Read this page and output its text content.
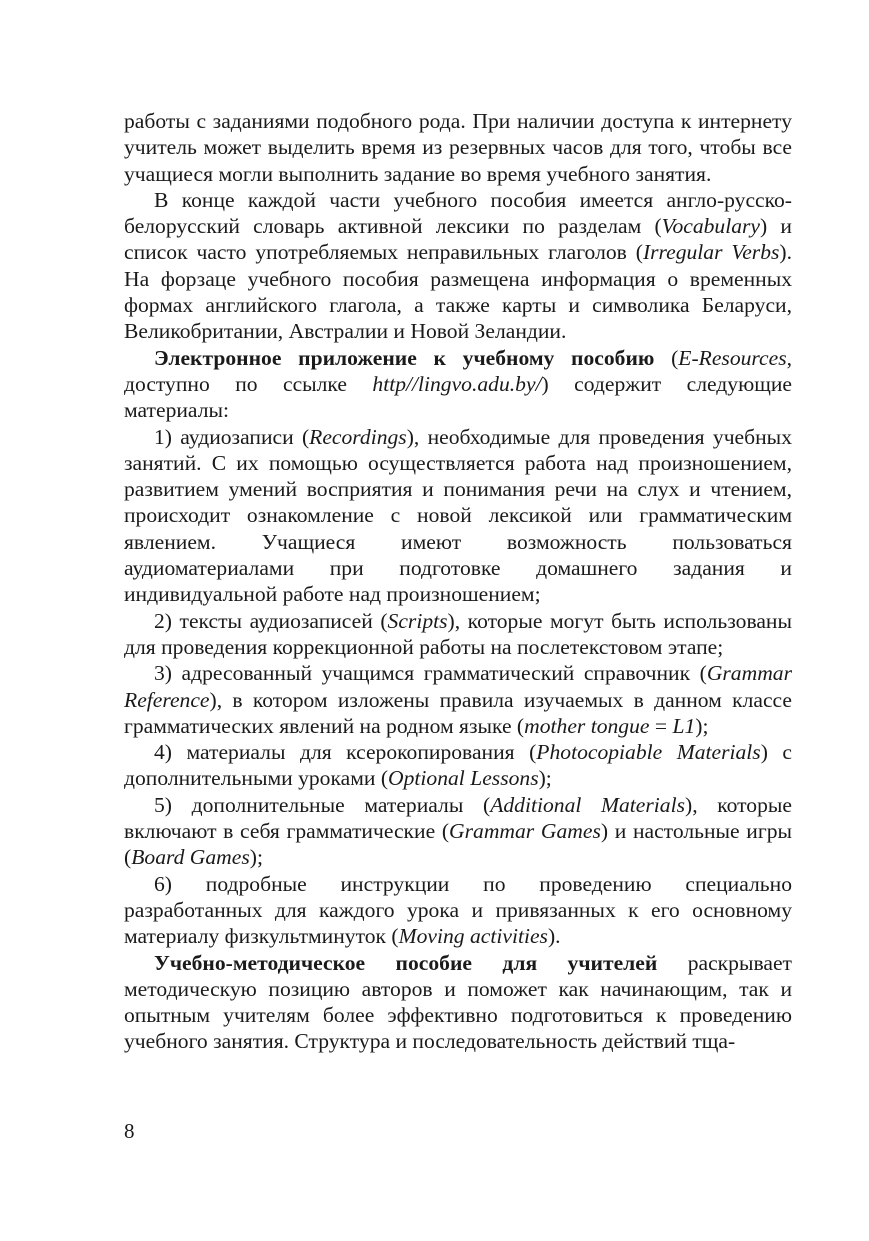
работы с заданиями подобного рода. При наличии доступа к интернету учитель может выделить время из резервных часов для того, чтобы все учащиеся могли выполнить задание во время учебного занятия.

В конце каждой части учебного пособия имеется англо-русско-белорусский словарь активной лексики по разделам (Vocabulary) и список часто употребляемых неправильных глаголов (Irregular Verbs). На форзаце учебного пособия размещена информация о временных формах английского глагола, а также карты и символика Беларуси, Великобритании, Австралии и Новой Зеландии.

Электронное приложение к учебному пособию (E-Resources, доступно по ссылке http//lingvo.adu.by/) содержит следующие материалы:

1) аудиозаписи (Recordings), необходимые для проведения учебных занятий. С их помощью осуществляется работа над произношением, развитием умений восприятия и понимания речи на слух и чтением, происходит ознакомление с новой лексикой или грамматическим явлением. Учащиеся имеют возможность пользоваться аудиоматериалами при подготовке домашнего задания и индивидуальной работе над произношением;

2) тексты аудиозаписей (Scripts), которые могут быть использованы для проведения коррекционной работы на послетекстовом этапе;

3) адресованный учащимся грамматический справочник (Grammar Reference), в котором изложены правила изучаемых в данном классе грамматических явлений на родном языке (mother tongue = L1);

4) материалы для ксерокопирования (Photocopiable Materials) с дополнительными уроками (Optional Lessons);

5) дополнительные материалы (Additional Materials), которые включают в себя грамматические (Grammar Games) и настольные игры (Board Games);

6) подробные инструкции по проведению специально разработанных для каждого урока и привязанных к его основному материалу физкультминуток (Moving activities).

Учебно-методическое пособие для учителей раскрывает методическую позицию авторов и поможет как начинающим, так и опытным учителям более эффективно подготовиться к проведению учебного занятия. Структура и последовательность действий тща-

8
